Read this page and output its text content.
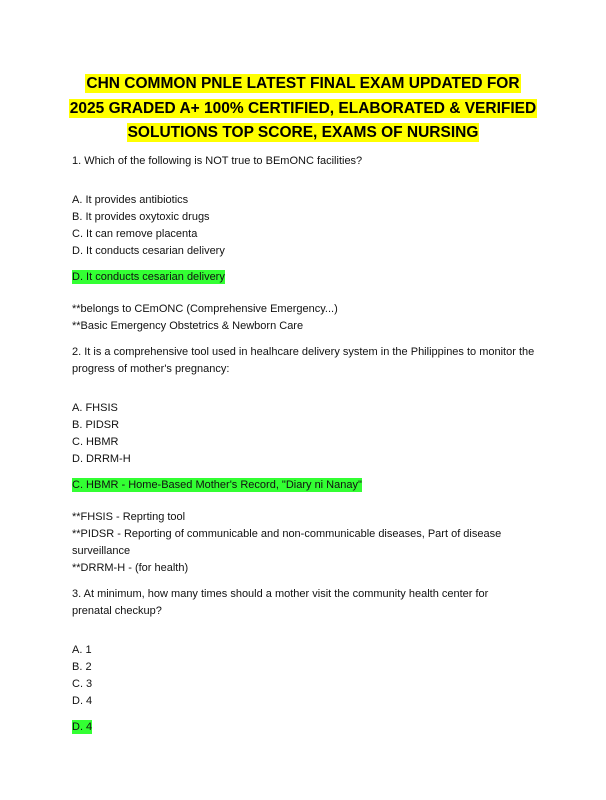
CHN COMMON PNLE LATEST FINAL EXAM UPDATED FOR
2025 GRADED A+ 100% CERTIFIED, ELABORATED & VERIFIED
SOLUTIONS TOP SCORE, EXAMS OF NURSING

1. Which of the following is NOT true to BEmONC facilities?

A. It provides antibiotics

B. It provides oxytoxic drugs

C. It can remove placenta

D. It conducts cesarian delivery

D. It conducts cesarian delivery

**belongs to CEmONC (Comprehensive Emergency...)

**Basic Emergency Obstetrics & Newborn Care

2. It is a comprehensive tool used in healhcare delivery system in the Philippines to monitor the

progress of mother's pregnancy:

A. FHSIS

B. PIDSR

C. HBMR

D. DRRM-H

C. HBMR - Home-Based Mother's Record, "Diary ni Nanay"

**FHSIS - Reprting tool

**PIDSR - Reporting of communicable and non-communicable diseases, Part of disease

surveillance

**DRRM-H - (for health)

3. At minimum, how many times should a mother visit the community health center for

prenatal checkup?

A. 1

B. 2

C. 3

D. 4

D. 4
